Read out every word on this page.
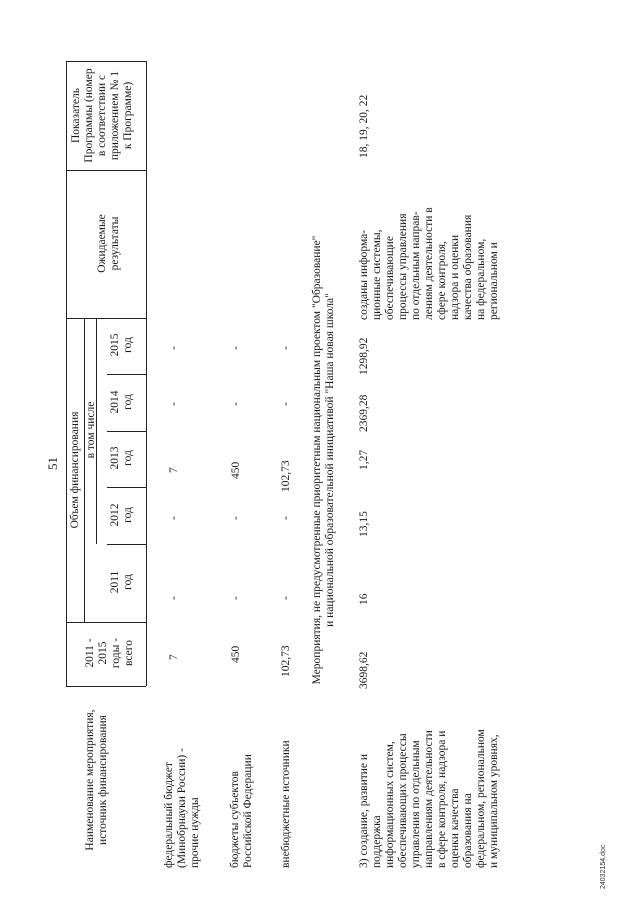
51
Показатель Программы (номер в соответствии с приложением № 1 к Программе)
Ожидаемые результаты
Объем финансирования в том числе
2015 год
2014 год
2013 год
2012 год
2011 год
2011 - 2015 годы - всего
Наименование мероприятия, источник финансирования	федеральный бюджет (Минобрнауки России) - прочие нужды
7
-
-
7
-
-
бюджеты субъектов Российской Федерации
450
-
-
450
-
-
внебюджетные источники
102,73
-
-
102,73
-
- Мероприятия, не предусмотренные приоритетным национальным проектом "Образование" и национальной образовательной инициативой "Наша новая школа"
3) создание, развитие и поддержка информационных систем, обеспечивающих процессы управления по отдельным направлениям деятельности в сфере контроля, надзора и оценки качества образования на федеральном, региональном и муниципальном уровнях,
3698,62
16
13,15
1,27
2369,28
1298,92
созданы информа- ционные системы, обеспечивающие процессы управления по отдельным направ- лениям деятельности в сфере контроля, надзора и оценки качества образования на федеральном, региональном и
18, 19, 20, 22
24032154.doc
